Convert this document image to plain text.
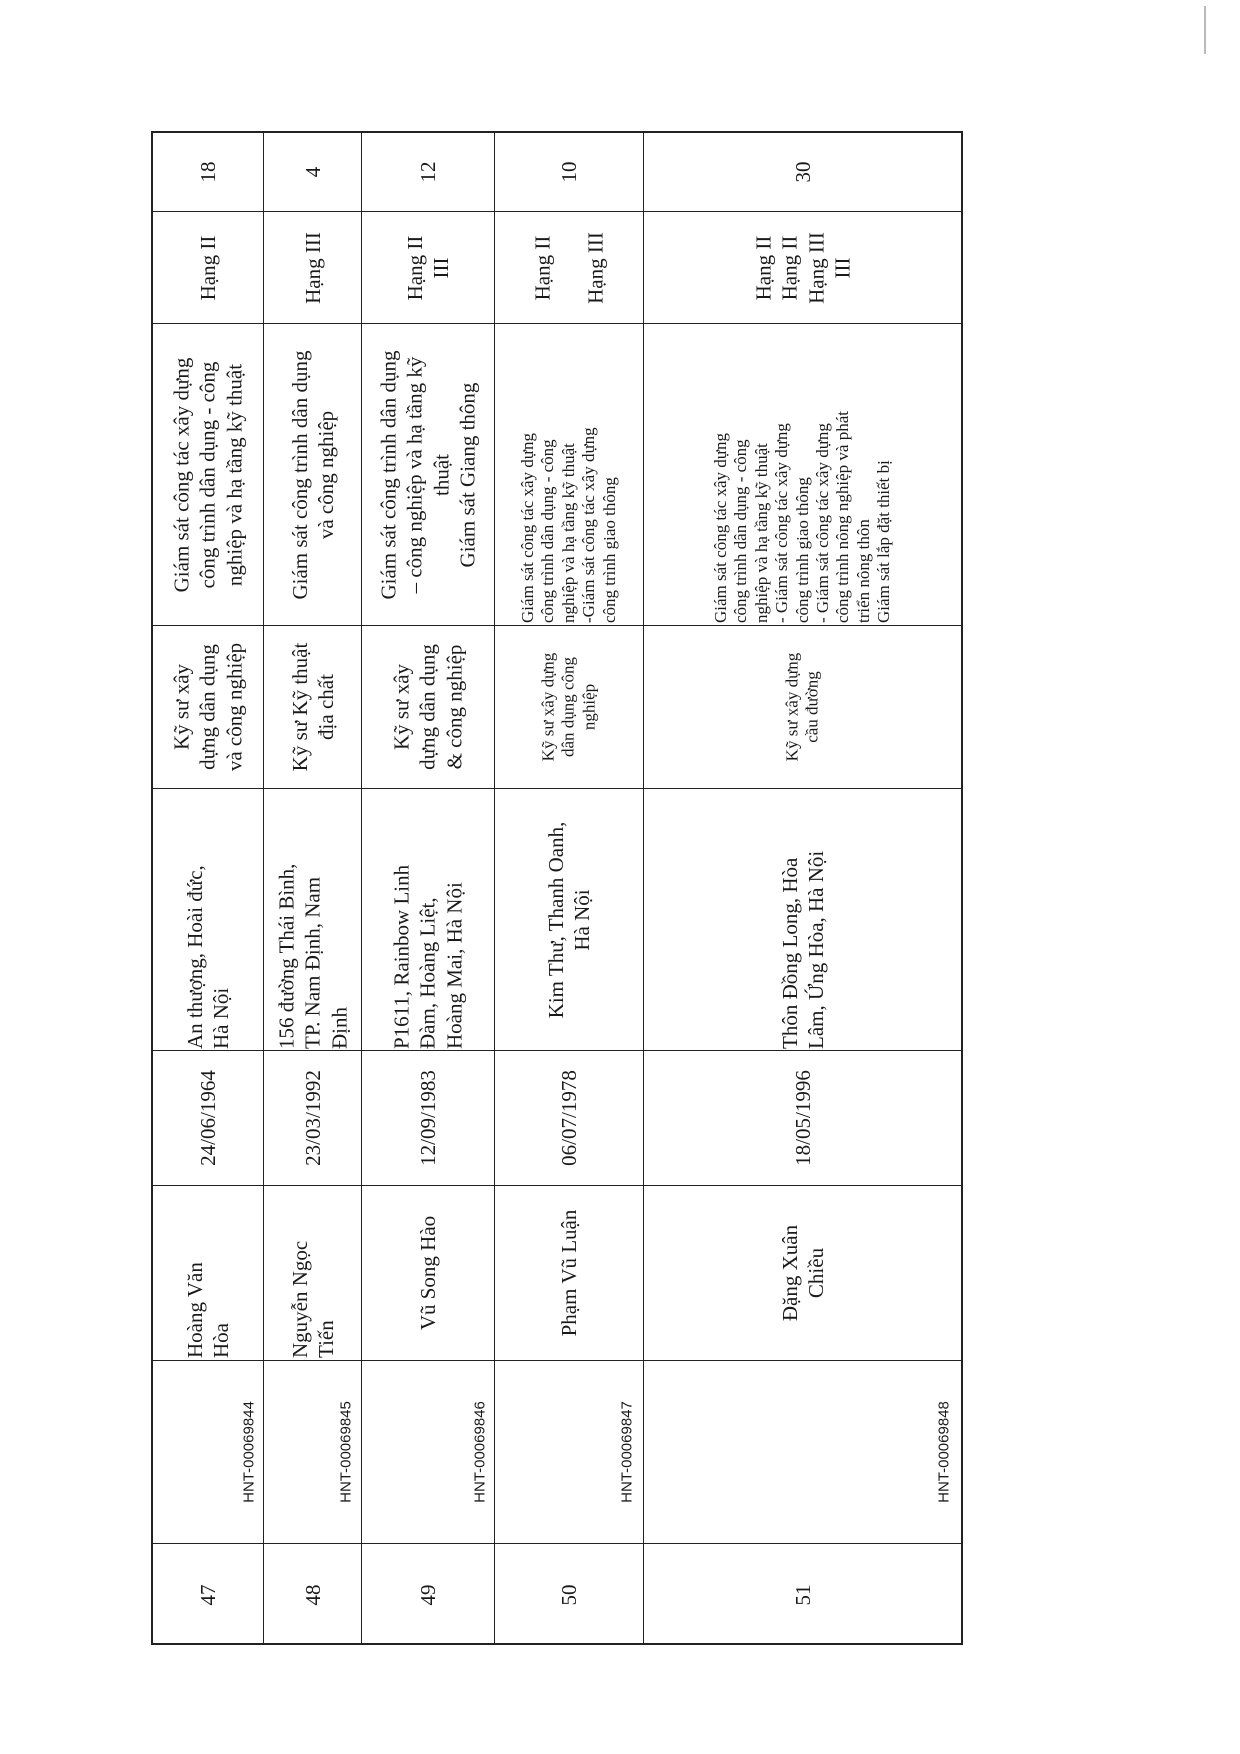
18
Hạng II
Giám sát công tác xây dựng
công trình dân dụng - công
nghiệp và hạ tầng kỹ thuật
Kỹ sư xây
dựng dân dụng
và công nghiệp
An thượng, Hoài đức,
Hà Nội
24/06/1964
Hoàng Văn
Hòa
HNT-00069844
47
4
Hạng III
Giám sát công trình dân dụng
và công nghiệp
Kỹ sư Kỹ thuật
địa chất
156 đường Thái Bình,
TP. Nam Định, Nam
Định
23/03/1992
Nguyễn Ngọc
Tiến
HNT-00069845
48
12
Hạng II
III
Giám sát công trình dân dụng
– công nghiệp và hạ tầng kỹ
thuật
Giám sát Giang thông
Kỹ sư xây
dựng dân dụng
& công nghiệp
P1611, Rainbow Linh
Đàm, Hoàng Liệt,
Hoàng Mai, Hà Nội
12/09/1983
Vũ Song Hào
HNT-00069846
49
10
Hạng II

Hạng III
Giám sát công tác xây dựng
công trình dân dụng - công
nghiệp và hạ tầng kỹ thuật
-Giám sát công tác xây dựng
công trình giao thông
Kỹ sư xây dựng
dân dụng công
nghiệp
Kim Thư, Thanh Oanh,
Hà Nội
06/07/1978
Phạm Vũ Luận
HNT-00069847
50
30
Hạng II
Hạng II
Hạng III
III
Giám sát công tác xây dựng
công trình dân dụng - công
nghiệp và hạ tầng kỹ thuật
- Giám sát công tác xây dựng
công trình giao thông
- Giám sát công tác xây dựng
công trình nông nghiệp và phát
triển nông thôn
Giám sát lắp đặt thiết bị
Kỹ sư xây dựng
cầu đường
Thôn Đồng Long, Hòa
Lâm, Ứng Hòa, Hà Nội
18/05/1996
Đặng Xuân
Chiều
HNT-00069848
51
